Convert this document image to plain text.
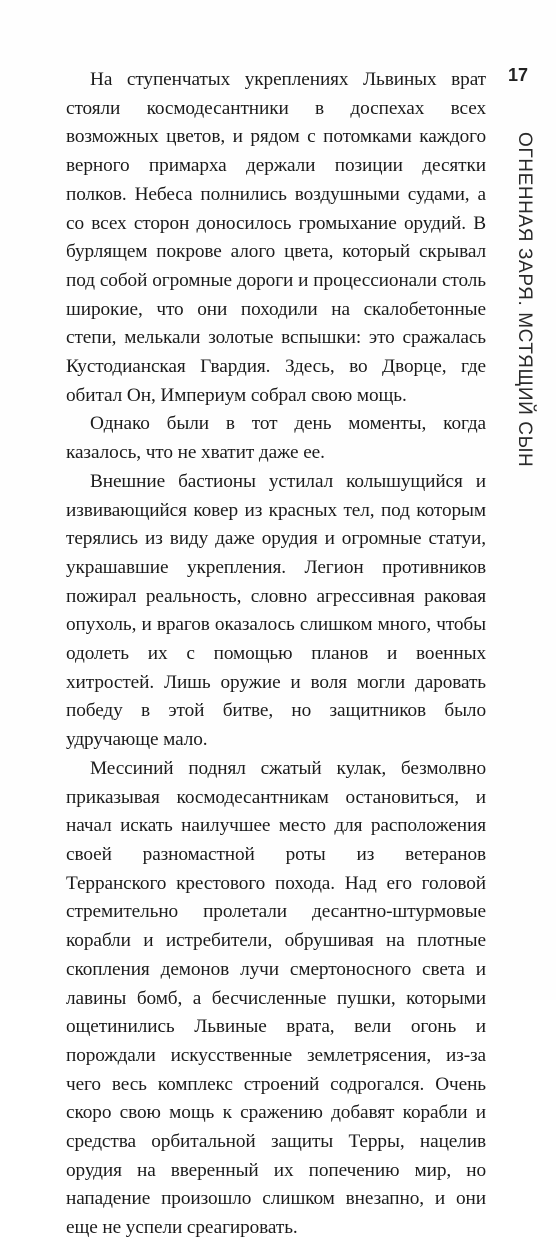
На ступенчатых укреплениях Львиных врат стояли космодесантники в доспехах всех возможных цветов, и рядом с потомками каждого верного примарха держали позиции десятки полков. Небеса полнились воздушными судами, а со всех сторон доносилось громыхание орудий. В бурлящем покрове алого цвета, который скрывал под собой огромные дороги и процессионали столь широкие, что они походили на скалобетонные степи, мелькали золотые вспышки: это сражалась Кустодианская Гвардия. Здесь, во Дворце, где обитал Он, Империум собрал свою мощь.

Однако были в тот день моменты, когда казалось, что не хватит даже ее.

Внешние бастионы устилал колышущийся и извивающийся ковер из красных тел, под которым терялись из виду даже орудия и огромные статуи, украшавшие укрепления. Легион противников пожирал реальность, словно агрессивная раковая опухоль, и врагов оказалось слишком много, чтобы одолеть их с помощью планов и военных хитростей. Лишь оружие и воля могли даровать победу в этой битве, но защитников было удручающе мало.

Мессиний поднял сжатый кулак, безмолвно приказывая космодесантникам остановиться, и начал искать наилучшее место для расположения своей разномастной роты из ветеранов Терранского крестового похода. Над его головой стремительно пролетали десантно-штурмовые корабли и истребители, обрушивая на плотные скопления демонов лучи смертоносного света и лавины бомб, а бесчисленные пушки, которыми ощетинились Львиные врата, вели огонь и порождали искусственные землетрясения, из-за чего весь комплекс строений содрогался. Очень скоро свою мощь к сражению добавят корабли и средства орбитальной защиты Терры, нацелив орудия на вверенный их попечению мир, но нападение произошло слишком внезапно, и они еще не успели среагировать.

17
ОГНЕННАЯ ЗАРЯ. МСТЯЩИЙ СЫН
